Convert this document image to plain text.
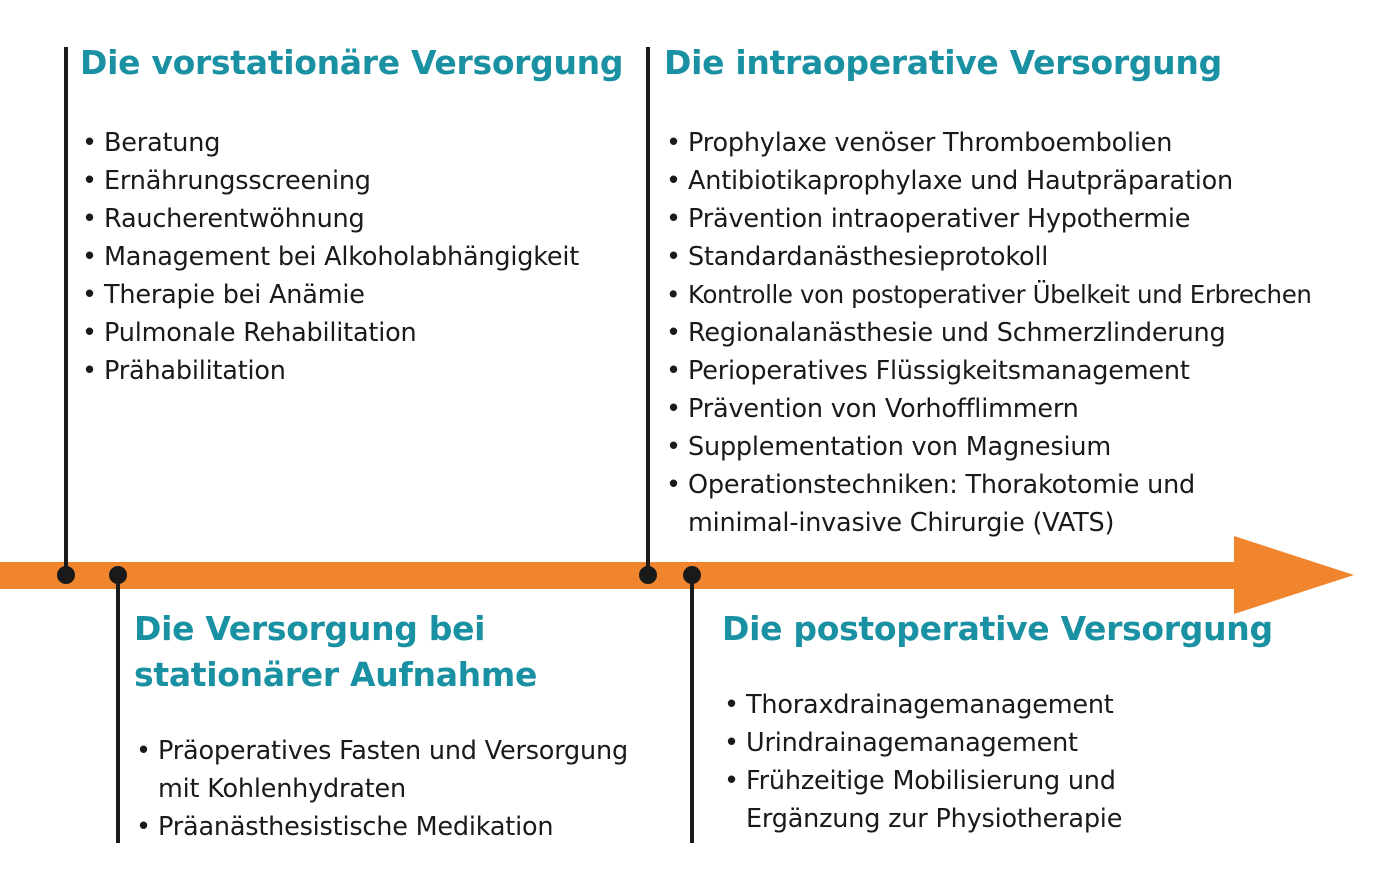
Die vorstationäre Versorgung
• Beratung
• Ernährungsscreening
• Raucherentwöhnung
• Management bei Alkoholabhängigkeit
• Therapie bei Anämie
• Pulmonale Rehabilitation
• Prähabilitation
Die intraoperative Versorgung
• Prophylaxe venöser Thromboembolien
• Antibiotikaprophylaxe und Hautpräparation
• Prävention intraoperativer Hypothermie
• Standardanästhesieprotokoll
• Kontrolle von postoperativer Übelkeit und Erbrechen
• Regionalanästhesie und Schmerzlinderung
• Perioperatives Flüssigkeitsmanagement
• Prävention von Vorhofflimmern
• Supplementation von Magnesium
• Operationstechniken: Thorakotomie und
minimal-invasive Chirurgie (VATS)
Die Versorgung bei
stationärer Aufnahme
• Präoperatives Fasten und Versorgung
mit Kohlenhydraten
• Präanästhesistische Medikation
Die postoperative Versorgung
• Thoraxdrainagemanagement
• Urindrainagemanagement
• Frühzeitige Mobilisierung und
Ergänzung zur Physiotherapie
